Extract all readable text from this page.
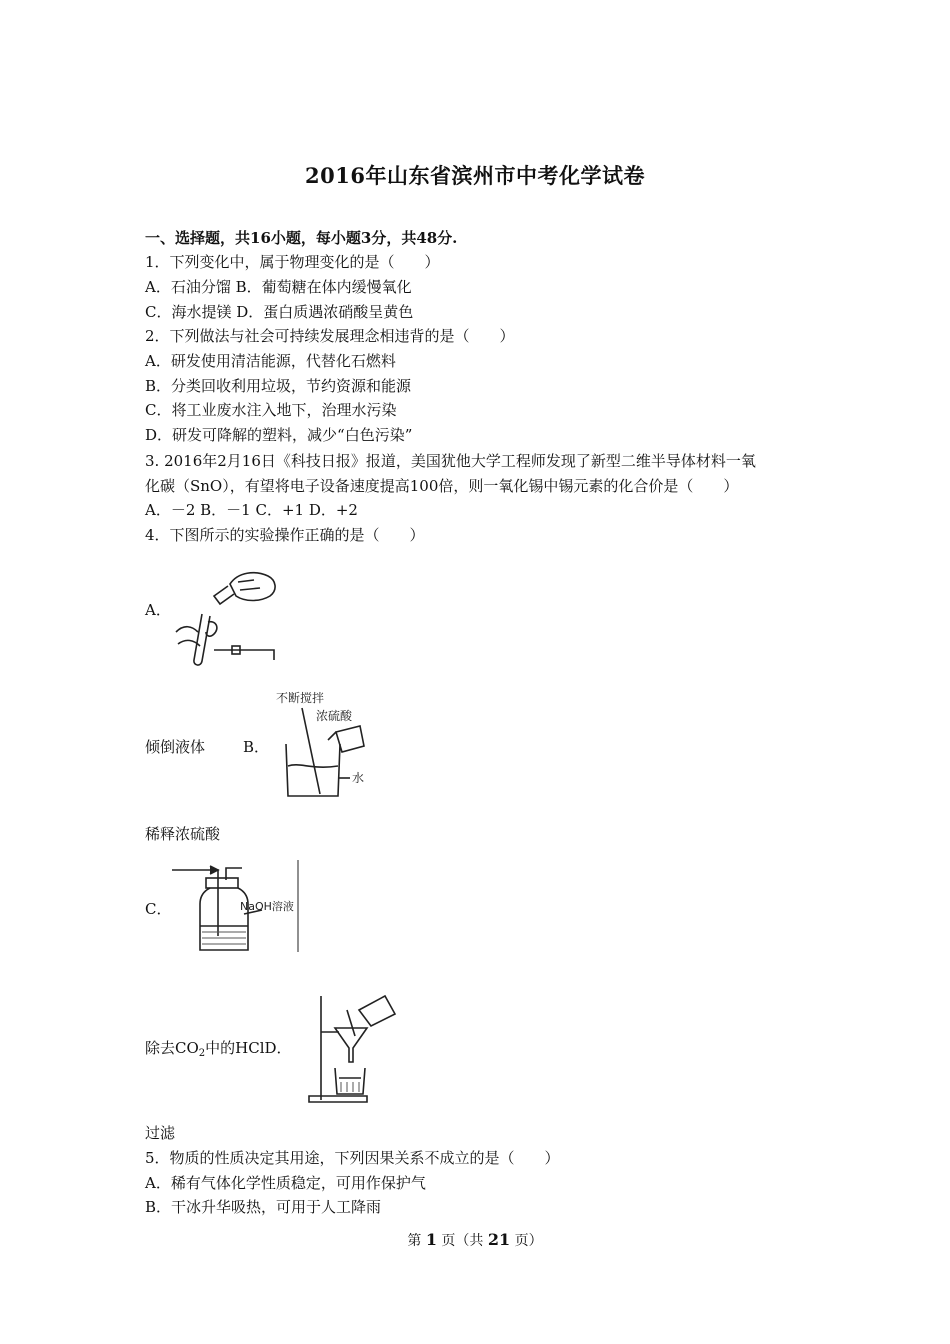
2016年山东省滨州市中考化学试卷
一、选择题，共16小题，每小题3分，共48分.
1．下列变化中，属于物理变化的是（　　）
A．石油分馏 B．葡萄糖在体内缓慢氧化
C．海水提镁 D．蛋白质遇浓硝酸呈黄色
2．下列做法与社会可持续发展理念相违背的是（　　）
A．研发使用清洁能源，代替化石燃料
B．分类回收利用垃圾，节约资源和能源
C．将工业废水注入地下，治理水污染
D．研发可降解的塑料，减少“白色污染”
3. 2016年2月16日《科技日报》报道，美国犹他大学工程师发现了新型二维半导体材料一氧
化碳（SnO），有望将电子设备速度提高100倍，则一氧化锡中锡元素的化合价是（　　）
A．－2 B．－1 C．+1 D．+2
4．下图所示的实验操作正确的是（　　）
A．
倾倒液体	B．
不断搅拌
浓硫酸
水
稀释浓硫酸
C．	NaOH溶液
除去$CO_2$中的HClD．
过滤
5．物质的性质决定其用途，下列因果关系不成立的是（　　）
A．稀有气体化学性质稳定，可用作保护气
B．干冰升华吸热，可用于人工降雨
第 1 页（共 21 页）
